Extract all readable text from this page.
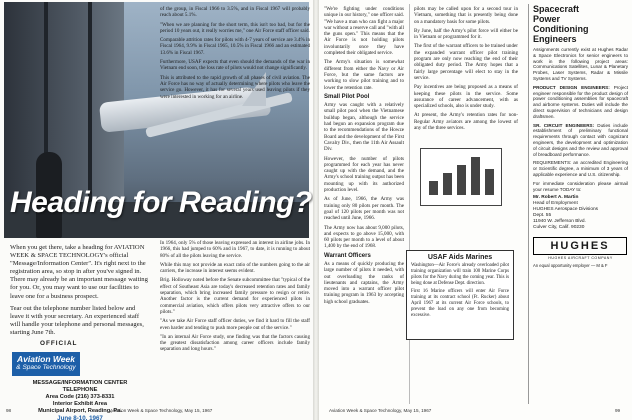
Heading for Reading?

When you get there, take a heading for AVIATION WEEK & SPACE TECHNOLOGY's official "Message/Information Center". It's right next to the registration area, so stop in after you've signed in. There may already be an important message waiting for you. Or, you may want to use our facilities to leave one for a business prospect.

Tear out the telephone number listed below and leave it with your secretary. An experienced staff will handle your telephone and personal messages, starting June 7th.

OFFICIAL
Aviation Week
& Space Technology
MESSAGE/INFORMATION CENTER
TELEPHONE
Area Code (216) 373-8331
Interior Exhibit Area
Municipal Airport, Reading, Pa.
June 8-10, 1967

of the group, in Fiscal 1966 to 3.5%, and in Fiscal 1967 will probably reach about 5.1%.

"When we are planning for the short term, this isn't too bad, but for the period 10 years out, it really worries me," one Air Force staff officer said.

Comparable attrition rates for pilots with 4-7 years of service are 3.4% in Fiscal 1964, 9.9% in Fiscal 1965, 10.5% in Fiscal 1966 and an estimated 13.6% in Fiscal 1967.

Furthermore, USAF expects that even should the demands of the war in Vietnam end soon, the loss rate of pilots would not change significantly.

This is attributed to the rapid growth of all phases of civil aviation. The Air Force has no way of actually determining where pilots who leave the service go. However, it has for several years used leaving pilots if they were interested in working for an airline.

In 1964, only 5% of those leaving expressed an interest in airline jobs. In 1966, this had jumped to 60% and in 1967, to date, it is running to about 80% of all the pilots leaving the service.

While this may not provide an exact ratio of the numbers going to the air carriers, the increase in interest seems evident.

Brig. Holloway noted before the Senate subcommittee that "typical of the effect of Southeast Asia are today's decreased retention rates and family separation, which bring increased family pressure to resign or retire. Another factor is the current demand for experienced pilots in commercial aviation, which offers pilots very attractive offers to our pilots."

"As we take Air Force staff officer duties, we find it hard to fill the staff even harder and tending to push more people out of the service."

"In an internal Air Force study, one finding was that the factors causing the greatest dissatisfaction among career officers include family separation and long hours."

98	Aviation Week & Space Technology, May 15, 1967	Aviation Week & Space Technology, May 15, 1967	99

"We're fighting under conditions unique in our history," one officer said. "We have a man who can fight a major war without a reserve call and "with all the guns open." This means that the Air Force is not holding pilots involuntarily once they have completed their obligated service.

The Army's situation is somewhat different from either the Navy or Air Force, but the same factors are working to slow pilot training and to lower the retention rate.

Small Pilot Pool

Army was caught with a relatively small pilot pool when the Vietnamese buildup began, although the service had begun an expansion program due to the recommendations of the Howze Board and the development of the First Cavalry Div., then the 11th Air Assault Div.

However, the number of pilots programmed for each year has never caught up with the demand, and the Army's school training output has been mounting up with its authorized production level.

As of June, 1966, the Army was training only 80 pilots per month. The goal of 120 pilots per month was not reached until June, 1966.

The Army now has about 9,000 pilots, and expects to go above 15,000, with 60 pilots per month to a level of about 1,400 by the end of 1968.

Warrant Officers

As a means of quickly producing the large number of pilots it needed, with out overloading the ranks of lieutenants and captains, the Army moved into a warrant officer pilot training program in 1963 by accepting high school graduates.

pilots may be called upon for a second tour in Vietnam, something that is presently being done on a mandatory basis for some pilots.

By June, half the Army's pilot force will either be in Vietnam or programmed for it.

The first of the warrant officers to be trained under the expanded warrant officer pilot training program are only now reaching the end of their obligated duty period. The Army hopes that a fairly large percentage will elect to stay in the service.

Pay incentives are being proposed as a means of keeping these pilots in the service. Some assurance of career advancement, with as specialized schools, also is under study.

At present, the Army's retention rates for non-Regular Army aviators are among the lowest of any of the three services.

USAF Aids Marines

Washington—Air Force's already overloaded pilot training organization will train 100 Marine Corps pilots for the Navy during the coming year. This is being done at Defense Dept. direction.

First 16 Marine officers will enter Air Force training at its contract school (Ft. Rucker) about April 1967 at its current Air Force schools, to prevent the load on any one from becoming excessive.

Spacecraft
Power
Conditioning
Engineers

Assignments currently exist at Hughes Radar & Space Electronics for senior engineers to work in the following project areas: Communications Satellites, Lunar & Planetary Probes, Laser Systems, Radar & Missile Systems and TV Systems.

PRODUCT DESIGN ENGINEERS: Project engineer responsible for the product design of power conditioning assemblies for spacecraft and airborne systems. Duties will include the direct supervision of technicians and design draftsmen.

SR. CIRCUIT ENGINEERS: Duties include establishment of preliminary functional requirements through contact with cognizant engineers, the development and optimization of circuit designs and the review and approval of breadboard performance.

REQUIREMENTS: an accredited Engineering or Scientific degree, a minimum of 3 years of applicable experience and U.S. citizenship.

For immediate consideration please airmail your resume TODAY to:

Mr. Robert A. Martin
Head of Employment
HUGHES Aerospace Divisions
Dept. 55
11940 W. Jefferson Blvd.
Culver City, Calif. 90230
HUGHES
HUGHES AIRCRAFT COMPANY
An equal opportunity employer — M & F
